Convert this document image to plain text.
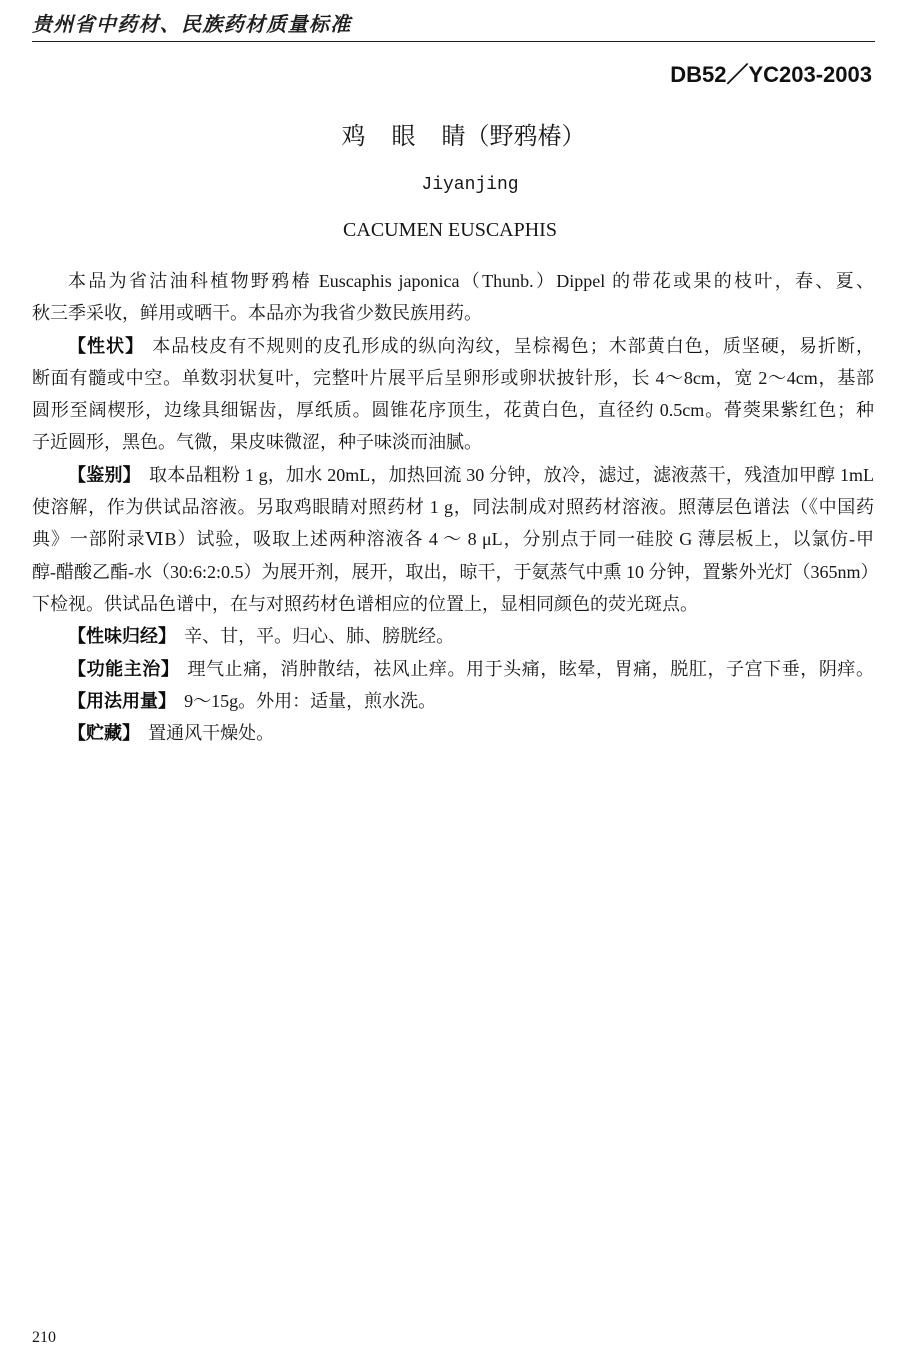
贵州省中药材、民族药材质量标准
DB52／YC203-2003
鸡 眼 睛（野鸦椿）
Jiyanjing
CACUMEN EUSCAPHIS
本品为省沽油科植物野鸦椿 Euscaphis japonica（Thunb.）Dippel 的带花或果的枝叶，春、夏、
秋三季采收，鲜用或晒干。本品亦为我省少数民族用药。
【性状】 本品枝皮有不规则的皮孔形成的纵向沟纹，呈棕褐色；木部黄白色，质坚硬，易折断，
断面有髓或中空。单数羽状复叶，完整叶片展平后呈卵形或卵状披针形，长 4～8cm，宽 2～4cm，基部
圆形至阔楔形，边缘具细锯齿，厚纸质。圆锥花序顶生，花黄白色，直径约 0.5cm。蓇葖果紫红色；种
子近圆形，黑色。气微，果皮味微涩，种子味淡而油腻。
【鉴别】 取本品粗粉 1 g，加水 20mL，加热回流 30 分钟，放冷，滤过，滤液蒸干，残渣加甲醇 1mL
使溶解，作为供试品溶液。另取鸡眼睛对照药材 1 g，同法制成对照药材溶液。照薄层色谱法（《中国药
典》一部附录ⅥB）试验，吸取上述两种溶液各 4 ～ 8 μL，分别点于同一硅胶 G 薄层板上，以氯仿-甲
醇-醋酸乙酯-水（30:6:2:0.5）为展开剂，展开，取出，晾干，于氨蒸气中熏 10 分钟，置紫外光灯（365nm）
下检视。供试品色谱中，在与对照药材色谱相应的位置上，显相同颜色的荧光斑点。
【性味归经】 辛、甘，平。归心、肺、膀胱经。
【功能主治】 理气止痛，消肿散结，祛风止痒。用于头痛，眩晕，胃痛，脱肛，子宫下垂，阴痒。
【用法用量】 9～15g。外用：适量，煎水洗。
【贮藏】 置通风干燥处。
210
